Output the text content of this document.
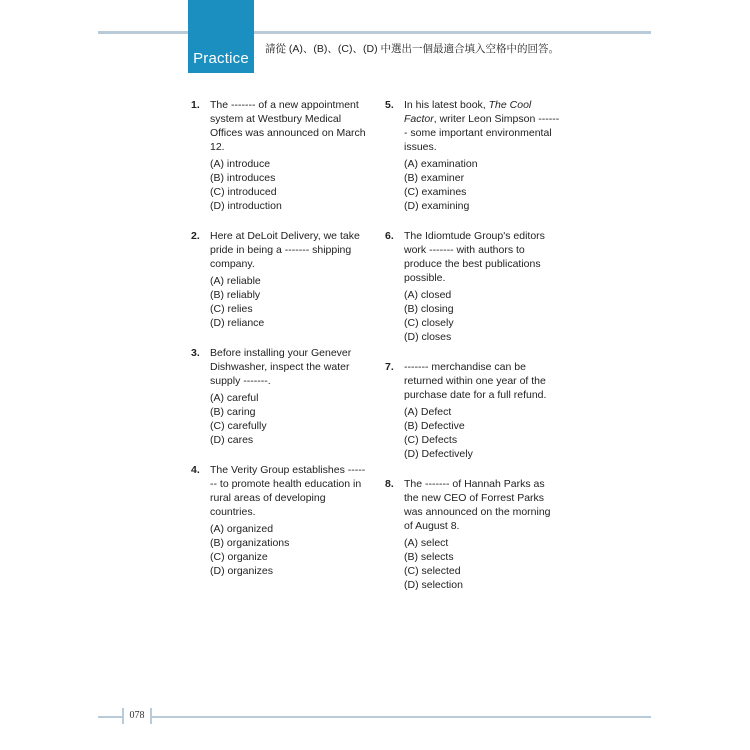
Practice
請從 (A)、(B)、(C)、(D) 中選出一個最適合填入空格中的回答。
1. The ------- of a new appointment system at Westbury Medical Offices was announced on March 12.
(A) introduce
(B) introduces
(C) introduced
(D) introduction
2. Here at DeLoit Delivery, we take pride in being a ------- shipping company.
(A) reliable
(B) reliably
(C) relies
(D) reliance
3. Before installing your Genever Dishwasher, inspect the water supply -------.
(A) careful
(B) caring
(C) carefully
(D) cares
4. The Verity Group establishes ------- to promote health education in rural areas of developing countries.
(A) organized
(B) organizations
(C) organize
(D) organizes
5. In his latest book, The Cool Factor, writer Leon Simpson ------- some important environmental issues.
(A) examination
(B) examiner
(C) examines
(D) examining
6. The Idiomtude Group's editors work ------- with authors to produce the best publications possible.
(A) closed
(B) closing
(C) closely
(D) closes
7. ------- merchandise can be returned within one year of the purchase date for a full refund.
(A) Defect
(B) Defective
(C) Defects
(D) Defectively
8. The ------- of Hannah Parks as the new CEO of Forrest Parks was announced on the morning of August 8.
(A) select
(B) selects
(C) selected
(D) selection
078
